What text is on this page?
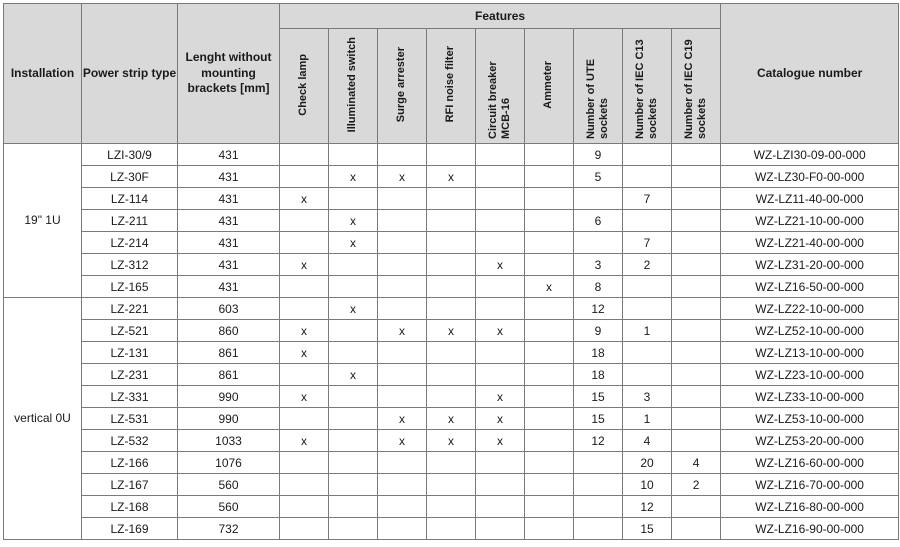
Installation	Power strip type	Lenght without mounting brackets [mm]	Features									Catalogue number
			Check lamp	Illuminated switch	Surge arrester	RFI noise filter	Circuit breaker MCB-16	Ammeter	Number of UTE sockets	Number of IEC C13 sockets	Number of IEC C19 sockets	
19" 1U	LZI-30/9	431							9			WZ-LZI30-09-00-000
	LZ-30F	431		x	x	x			5			WZ-LZ30-F0-00-000
	LZ-114	431	x							7		WZ-LZ11-40-00-000
	LZ-211	431		x					6			WZ-LZ21-10-00-000
	LZ-214	431		x						7		WZ-LZ21-40-00-000
	LZ-312	431	x				x		3	2		WZ-LZ31-20-00-000
	LZ-165	431						x	8			WZ-LZ16-50-00-000
vertical 0U	LZ-221	603		x					12			WZ-LZ22-10-00-000
	LZ-521	860	x		x	x	x		9	1		WZ-LZ52-10-00-000
	LZ-131	861	x						18			WZ-LZ13-10-00-000
	LZ-231	861		x					18			WZ-LZ23-10-00-000
	LZ-331	990	x				x		15	3		WZ-LZ33-10-00-000
	LZ-531	990			x	x	x		15	1		WZ-LZ53-10-00-000
	LZ-532	1033	x		x	x	x		12	4		WZ-LZ53-20-00-000
	LZ-166	1076								20	4	WZ-LZ16-60-00-000
	LZ-167	560								10	2	WZ-LZ16-70-00-000
	LZ-168	560								12		WZ-LZ16-80-00-000
	LZ-169	732								15		WZ-LZ16-90-00-000
